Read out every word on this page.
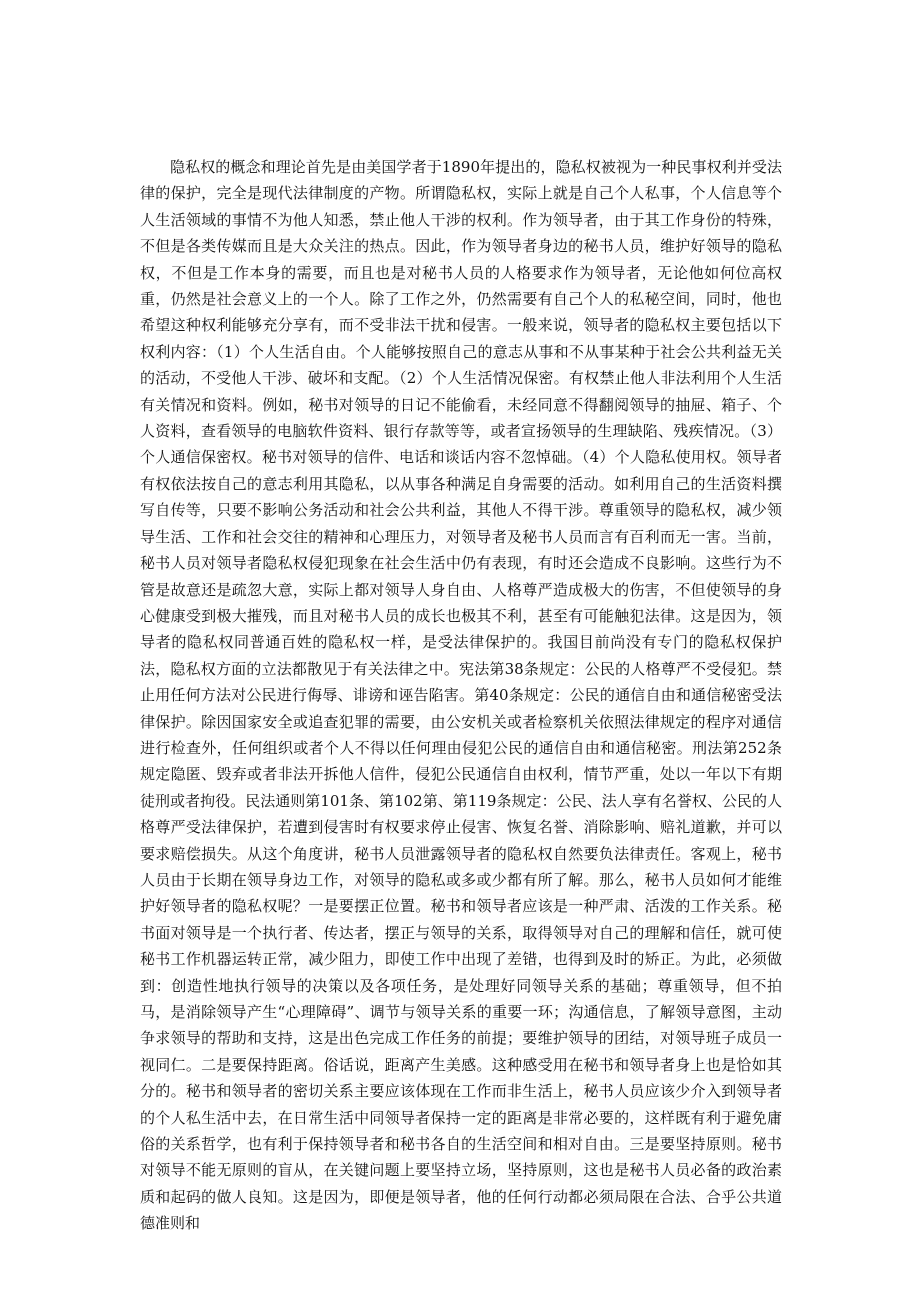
隐私权的概念和理论首先是由美国学者于1890年提出的，隐私权被视为一种民事权利并受法律的保护，完全是现代法律制度的产物。所谓隐私权，实际上就是自己个人私事，个人信息等个人生活领域的事情不为他人知悉，禁止他人干涉的权利。作为领导者，由于其工作身份的特殊，不但是各类传媒而且是大众关注的热点。因此，作为领导者身边的秘书人员，维护好领导的隐私权，不但是工作本身的需要，而且也是对秘书人员的人格要求作为领导者，无论他如何位高权重，仍然是社会意义上的一个人。除了工作之外，仍然需要有自己个人的私秘空间，同时，他也希望这种权利能够充分享有，而不受非法干扰和侵害。一般来说，领导者的隐私权主要包括以下权利内容：（1）个人生活自由。个人能够按照自己的意志从事和不从事某种于社会公共利益无关的活动，不受他人干涉、破坏和支配。（2）个人生活情况保密。有权禁止他人非法利用个人生活有关情况和资料。例如，秘书对领导的日记不能偷看，未经同意不得翻阅领导的抽屉、箱子、个人资料，查看领导的电脑软件资料、银行存款等等，或者宣扬领导的生理缺陷、残疾情况。（3）个人通信保密权。秘书对领导的信件、电话和谈话内容不忽悼础。（4）个人隐私使用权。领导者有权依法按自己的意志利用其隐私，以从事各种满足自身需要的活动。如利用自己的生活资料撰写自传等，只要不影响公务活动和社会公共利益，其他人不得干涉。尊重领导的隐私权，减少领导生活、工作和社会交往的精神和心理压力，对领导者及秘书人员而言有百利而无一害。当前，秘书人员对领导者隐私权侵犯现象在社会生活中仍有表现，有时还会造成不良影响。这些行为不管是故意还是疏忽大意，实际上都对领导人身自由、人格尊严造成极大的伤害，不但使领导的身心健康受到极大摧残，而且对秘书人员的成长也极其不利，甚至有可能触犯法律。这是因为，领导者的隐私权同普通百姓的隐私权一样，是受法律保护的。我国目前尚没有专门的隐私权保护法，隐私权方面的立法都散见于有关法律之中。宪法第38条规定：公民的人格尊严不受侵犯。禁止用任何方法对公民进行侮辱、诽谤和诬告陷害。第40条规定：公民的通信自由和通信秘密受法律保护。除因国家安全或追查犯罪的需要，由公安机关或者检察机关依照法律规定的程序对通信进行检查外，任何组织或者个人不得以任何理由侵犯公民的通信自由和通信秘密。刑法第252条规定隐匿、毁弃或者非法开拆他人信件，侵犯公民通信自由权利，情节严重，处以一年以下有期徒刑或者拘役。民法通则第101条、第102第、第119条规定：公民、法人享有名誉权、公民的人格尊严受法律保护，若遭到侵害时有权要求停止侵害、恢复名誉、消除影响、赔礼道歉，并可以要求赔偿损失。从这个角度讲，秘书人员泄露领导者的隐私权自然要负法律责任。客观上，秘书人员由于长期在领导身边工作，对领导的隐私或多或少都有所了解。那么，秘书人员如何才能维护好领导者的隐私权呢？一是要摆正位置。秘书和领导者应该是一种严肃、活泼的工作关系。秘书面对领导是一个执行者、传达者，摆正与领导的关系，取得领导对自己的理解和信任，就可使秘书工作机器运转正常，减少阻力，即使工作中出现了差错，也得到及时的矫正。为此，必须做到：创造性地执行领导的决策以及各项任务，是处理好同领导关系的基础；尊重领导，但不拍马，是消除领导产生“心理障碍”、调节与领导关系的重要一环；沟通信息，了解领导意图，主动争求领导的帮助和支持，这是出色完成工作任务的前提；要维护领导的团结，对领导班子成员一视同仁。二是要保持距离。俗话说，距离产生美感。这种感受用在秘书和领导者身上也是恰如其分的。秘书和领导者的密切关系主要应该体现在工作而非生活上，秘书人员应该少介入到领导者的个人私生活中去，在日常生活中同领导者保持一定的距离是非常必要的，这样既有利于避免庸俗的关系哲学，也有利于保持领导者和秘书各自的生活空间和相对自由。三是要坚持原则。秘书对领导不能无原则的盲从，在关键问题上要坚持立场，坚持原则，这也是秘书人员必备的政治素质和起码的做人良知。这是因为，即便是领导者，他的任何行动都必须局限在合法、合乎公共道德准则和
